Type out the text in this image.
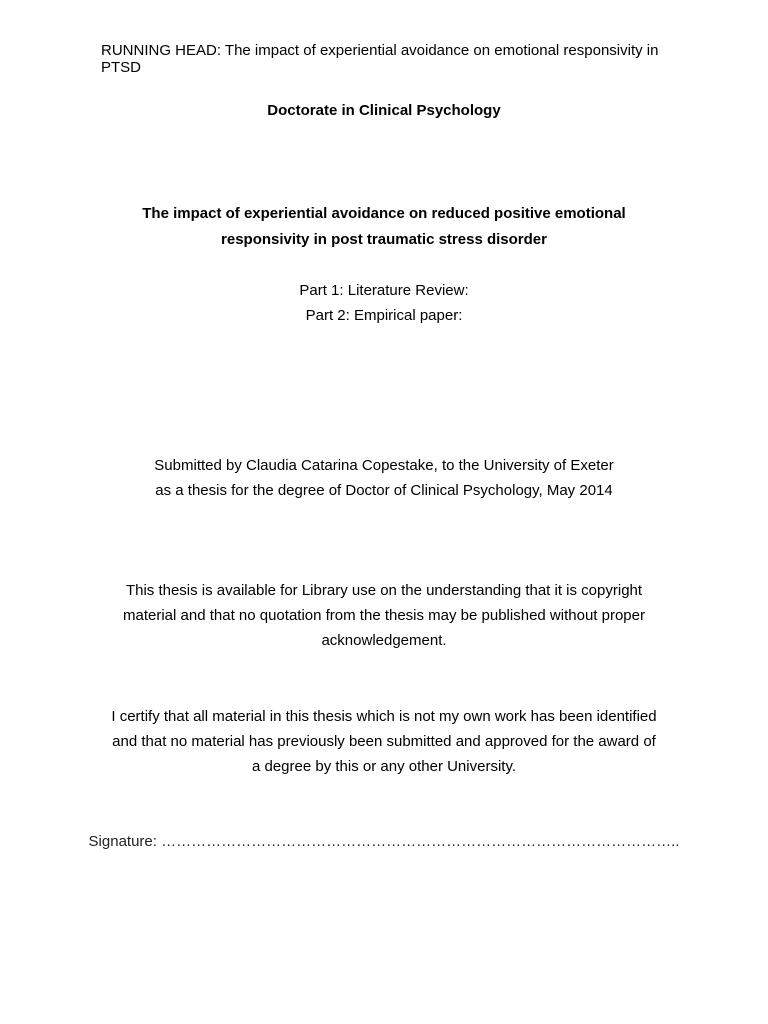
RUNNING HEAD: The impact of experiential avoidance on emotional responsivity in PTSD
Doctorate in Clinical Psychology
The impact of experiential avoidance on reduced positive emotional
responsivity in post traumatic stress disorder
Part 1: Literature Review:
Part 2: Empirical paper:
Submitted by Claudia Catarina Copestake, to the University of Exeter
as a thesis for the degree of Doctor of Clinical Psychology, May 2014
This thesis is available for Library use on the understanding that it is copyright
material and that no quotation from the thesis may be published without proper
acknowledgement.
I certify that all material in this thesis which is not my own work has been identified
and that no material has previously been submitted and approved for the award of
a degree by this or any other University.
Signature: …………………………………………………………………………………………..
